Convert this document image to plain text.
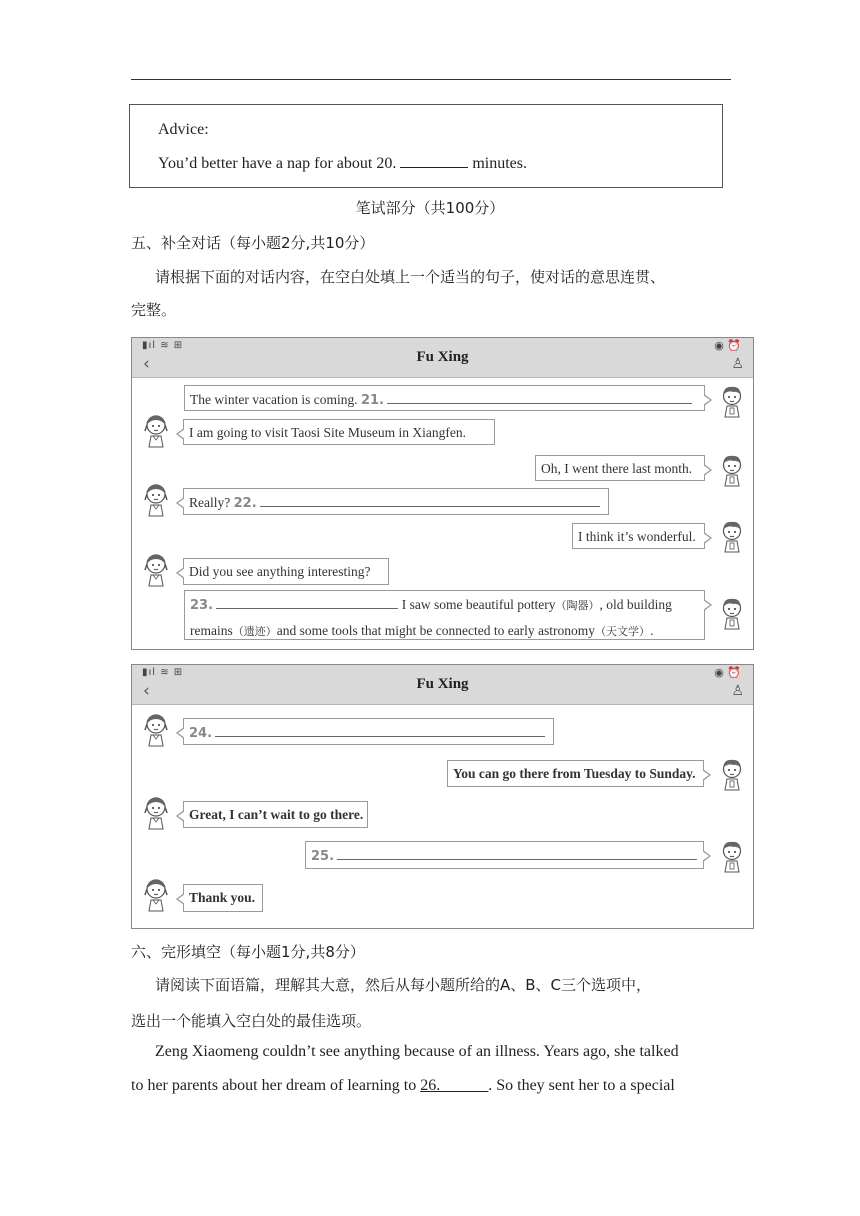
Advice:
You’d better have a nap for about 20.	minutes.
笔试部分（共100分）
五、补全对话（每小题2分,共10分）
请根据下面的对话内容，在空白处填上一个适当的句子，使对话的意思连贯、
完整。
▮ıl ≋ ⊞	◉ ⏰
‹	Fu Xing	♙
The winter vacation is coming. 21.
I am going to visit Taosi Site Museum in Xiangfen.
Oh, I went there last month.
Really? 22.
I think it’s wonderful.
Did you see anything interesting?
23.	I saw some beautiful pottery（陶器）, old building
remains（遗迹）and some tools that might be connected to early astronomy（天文学）.
▮ıl ≋ ⊞	◉ ⏰
‹	Fu Xing	♙
24.
You can go there from Tuesday to Sunday.
Great, I can’t wait to go there.
25.
Thank you.
六、完形填空（每小题1分,共8分）
请阅读下面语篇，理解其大意，然后从每小题所给的A、B、C三个选项中，
选出一个能填入空白处的最佳选项。
Zeng Xiaomeng couldn’t see anything because of an illness. Years ago, she talked
to her parents about her dream of learning to 26.______. So they sent her to a special
